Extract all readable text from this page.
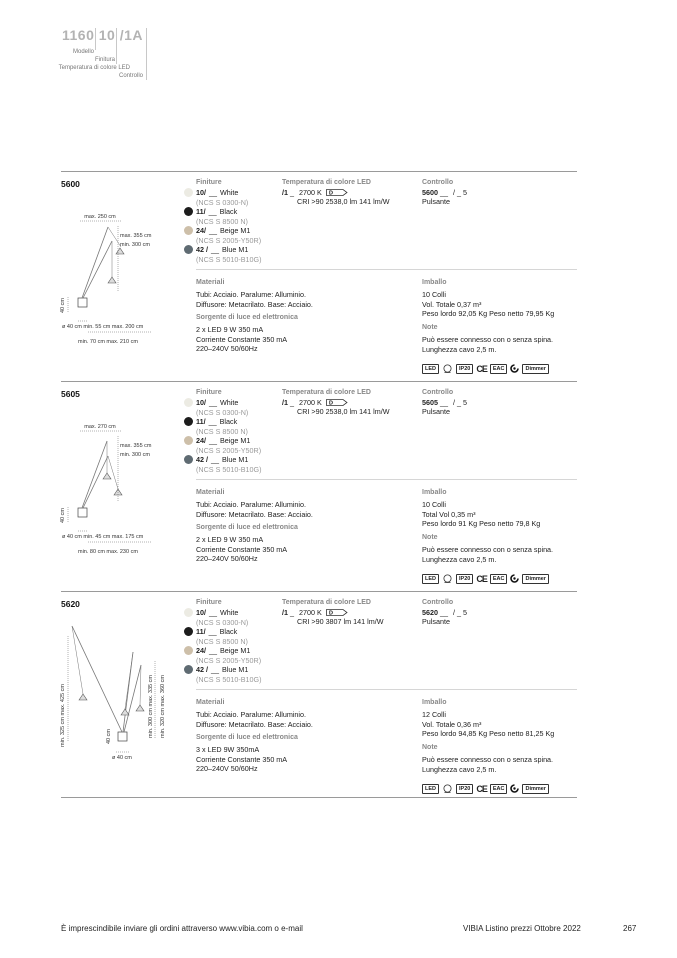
1160 10 /1A
Modello
Finitura
Temperatura di colore LED
Controllo
5600
max. 250 cm
max. 355 cm
min. 300 cm
40 cm
ø 40 cm min. 55 cm max. 200 cm
min. 70 cm max. 210 cm
Finiture
10/ __ White
(NCS S 0300-N)
11/ __ Black
(NCS S 8500 N)
24/ __ Beige M1
(NCS S 2005-Y50R)
42 / __ Blue M1
(NCS S 5010-B10G)
Temperatura di colore LED
/1 _ 2700 K D
CRI >90 2538,0 lm 141 lm/W
Controllo
5600 __ / _ 5
Pulsante
Materiali
Tubi: Acciaio. Paralume: Alluminio.
Diffusore: Metacrilato. Base: Acciaio.
Sorgente di luce ed elettronica
2 x LED 9 W 350 mA
Corriente Constante 350 mA
220–240V 50/60Hz
Imballo
10 Colli
Vol. Totale 0,37 m³
Peso lordo 92,05 Kg Peso netto 79,95 Kg
Note
Può essere connesso con o senza spina.
Lunghezza cavo 2,5 m.
LED	IP20 CE	EAC	Dimmer
5605
max. 270 cm
max. 355 cm
min. 300 cm
40 cm
ø 40 cm min. 45 cm max. 175 cm
min. 80 cm max. 230 cm
Finiture
10/ __ White
(NCS S 0300-N)
11/ __ Black
(NCS S 8500 N)
24/ __ Beige M1
(NCS S 2005-Y50R)
42 / __ Blue M1
(NCS S 5010-B10G)
Temperatura di colore LED
/1 _ 2700 K D
CRI >90 2538,0 lm 141 lm/W
Controllo
5605 __ / _ 5
Pulsante
Materiali
Tubi: Acciaio. Paralume: Alluminio.
Diffusore: Metacrilato. Base: Acciaio.
Sorgente di luce ed elettronica
2 x LED 9 W 350 mA
Corriente Constante 350 mA
220–240V 50/60Hz
Imballo
10 Colli
Total Vol 0,35 m³
Peso lordo 91 Kg Peso netto 79,8 Kg
Note
Può essere connesso con o senza spina.
Lunghezza cavo 2,5 m.
LED	IP20 CE	EAC	Dimmer
5620
min. 325 cm max. 425 cm	min. 300 cm max. 335 cm min. 320 cm max. 360 cm
40 cm
ø 40 cm
Finiture
10/ __ White
(NCS S 0300-N)
11/ __ Black
(NCS S 8500 N)
24/ __ Beige M1
(NCS S 2005-Y50R)
42 / __ Blue M1
(NCS S 5010-B10G)
Temperatura di colore LED
/1 _ 2700 K D
CRI >90 3807 lm 141 lm/W
Controllo
5620 __ / _ 5
Pulsante
Materiali
Tubi: Acciaio. Paralume: Alluminio.
Diffusore: Metacrilato. Base: Acciaio.
Sorgente di luce ed elettronica
3 x LED 9W 350mA
Corriente Constante 350 mA
220–240V 50/60Hz
Imballo
12 Colli
Vol. Totale 0,36 m³
Peso lordo 94,85 Kg Peso netto 81,25 Kg
Note
Può essere connesso con o senza spina.
Lunghezza cavo 2,5 m.
LED	IP20 CE	EAC	Dimmer
È imprescindibile inviare gli ordini attraverso www.vibia.com o e-mail	VIBIA Listino prezzi Ottobre 2022	267
